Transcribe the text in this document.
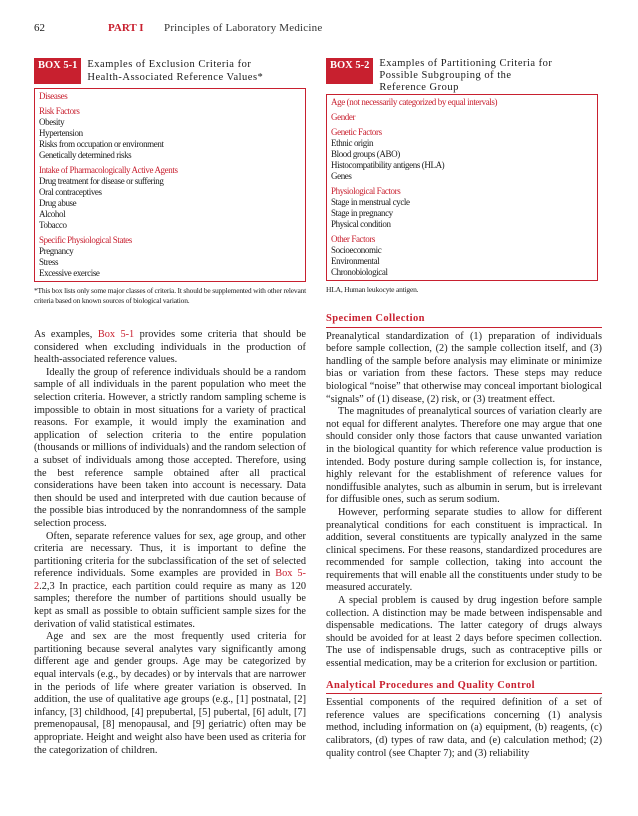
62	PART I Principles of Laboratory Medicine
BOX 5-1 Examples of Exclusion Criteria for
Health-Associated Reference Values*
Diseases
Risk Factors
Obesity
Hypertension
Risks from occupation or environment
Genetically determined risks
Intake of Pharmacologically Active Agents
Drug treatment for disease or suffering
Oral contraceptives
Drug abuse
Alcohol
Tobacco
Specific Physiological States
Pregnancy
Stress
Excessive exercise
*This box lists only some major classes of criteria. It should be supplemented with other relevant criteria based on known sources of biological variation.
BOX 5-2 Examples of Partitioning Criteria for
Possible Subgrouping of the
Reference Group
Age (not necessarily categorized by equal intervals)
Gender
Genetic Factors
Ethnic origin
Blood groups (ABO)
Histocompatibility antigens (HLA)
Genes
Physiological Factors
Stage in menstrual cycle
Stage in pregnancy
Physical condition
Other Factors
Socioeconomic
Environmental
Chronobiological
HLA, Human leukocyte antigen.

As examples, Box 5-1 provides some criteria that should be considered when excluding individuals in the production of health-associated reference values.

Ideally the group of reference individuals should be a random sample of all individuals in the parent population who meet the selection criteria. However, a strictly random sampling scheme is impossible to obtain in most situations for a variety of practical reasons. For example, it would imply the examination and application of selection criteria to the entire population (thousands or millions of individuals) and the random selection of a subset of individuals among those accepted. Therefore, using the best reference sample obtained after all practical considerations have been taken into account is necessary. Data then should be used and interpreted with due caution because of the possible bias introduced by the nonrandomness of the sample selection process.

Often, separate reference values for sex, age group, and other criteria are necessary. Thus, it is important to define the partitioning criteria for the subclassification of the set of selected reference individuals. Some examples are provided in Box 5-2.2,3 In practice, each partition could require as many as 120 samples; therefore the number of partitions should usually be kept as small as possible to obtain sufficient sample sizes for the derivation of valid statistical estimates.

Age and sex are the most frequently used criteria for partitioning because several analytes vary significantly among different age and gender groups. Age may be categorized by equal intervals (e.g., by decades) or by intervals that are narrower in the periods of life where greater variation is observed. In addition, the use of qualitative age groups (e.g., [1] postnatal, [2] infancy, [3] childhood, [4] prepubertal, [5] pubertal, [6] adult, [7] premenopausal, [8] menopausal, and [9] geriatric) often may be appropriate. Height and weight also have been used as criteria for the categorization of children.

Specimen Collection

Preanalytical standardization of (1) preparation of individuals before sample collection, (2) the sample collection itself, and (3) handling of the sample before analysis may eliminate or minimize bias or variation from these factors. These steps may reduce biological “noise” that otherwise may conceal important biological “signals” of (1) disease, (2) risk, or (3) treatment effect.

The magnitudes of preanalytical sources of variation clearly are not equal for different analytes. Therefore one may argue that one should consider only those factors that cause unwanted variation in the biological quantity for which reference value production is intended. Body posture during sample collection is, for instance, highly relevant for the establishment of reference values for nondiffusible analytes, such as albumin in serum, but is irrelevant for diffusible ones, such as serum sodium.

However, performing separate studies to allow for different preanalytical conditions for each constituent is impractical. In addition, several constituents are typically analyzed in the same clinical specimens. For these reasons, standardized procedures are recommended for sample collection, taking into account the requirements that will enable all the constituents under study to be measured accurately.

A special problem is caused by drug ingestion before sample collection. A distinction may be made between indispensable and dispensable medications. The latter category of drugs always should be avoided for at least 2 days before specimen collection. The use of indispensable drugs, such as contraceptive pills or essential medication, may be a criterion for exclusion or partition.

Analytical Procedures and Quality Control

Essential components of the required definition of a set of reference values are specifications concerning (1) analysis method, including information on (a) equipment, (b) reagents, (c) calibrators, (d) types of raw data, and (e) calculation method; (2) quality control (see Chapter 7); and (3) reliability
